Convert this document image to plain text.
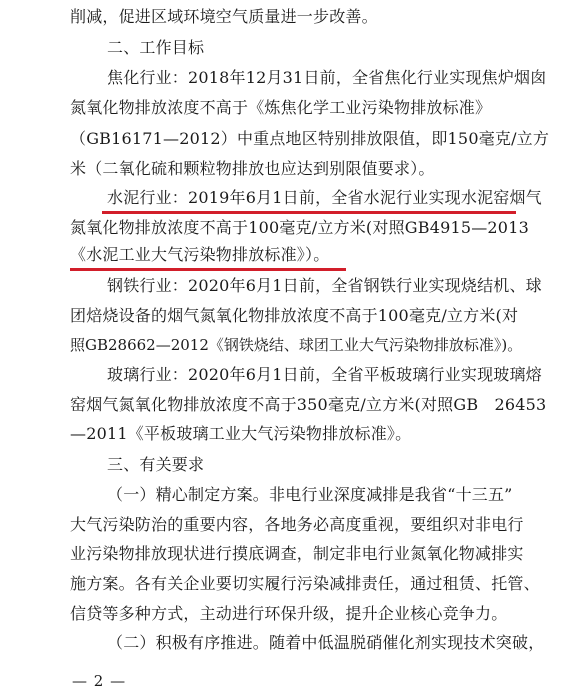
削减，促进区域环境空气质量进一步改善。
二、工作目标
焦化行业：2018年12月31日前，全省焦化行业实现焦炉烟囱
氮氧化物排放浓度不高于《炼焦化学工业污染物排放标准》
（GB16171—2012）中重点地区特别排放限值，即150毫克/立方
米（二氧化硫和颗粒物排放也应达到别限值要求）。
水泥行业：2019年6月1日前，全省水泥行业实现水泥窑烟气
氮氧化物排放浓度不高于100毫克/立方米(对照GB4915—2013
《水泥工业大气污染物排放标准》）。
钢铁行业：2020年6月1日前，全省钢铁行业实现烧结机、球
团焙烧设备的烟气氮氧化物排放浓度不高于100毫克/立方米(对
照GB28662—2012《钢铁烧结、球团工业大气污染物排放标准》)。
玻璃行业：2020年6月1日前，全省平板玻璃行业实现玻璃熔
窑烟气氮氧化物排放浓度不高于350毫克/立方米(对照GB　26453
—2011《平板玻璃工业大气污染物排放标准》。
三、有关要求
（一）精心制定方案。非电行业深度减排是我省“十三五”
大气污染防治的重要内容，各地务必高度重视，要组织对非电行
业污染物排放现状进行摸底调查，制定非电行业氮氧化物减排实
施方案。各有关企业要切实履行污染减排责任，通过租赁、托管、
信贷等多种方式，主动进行环保升级，提升企业核心竞争力。
（二）积极有序推进。随着中低温脱硝催化剂实现技术突破，
— 2 —
